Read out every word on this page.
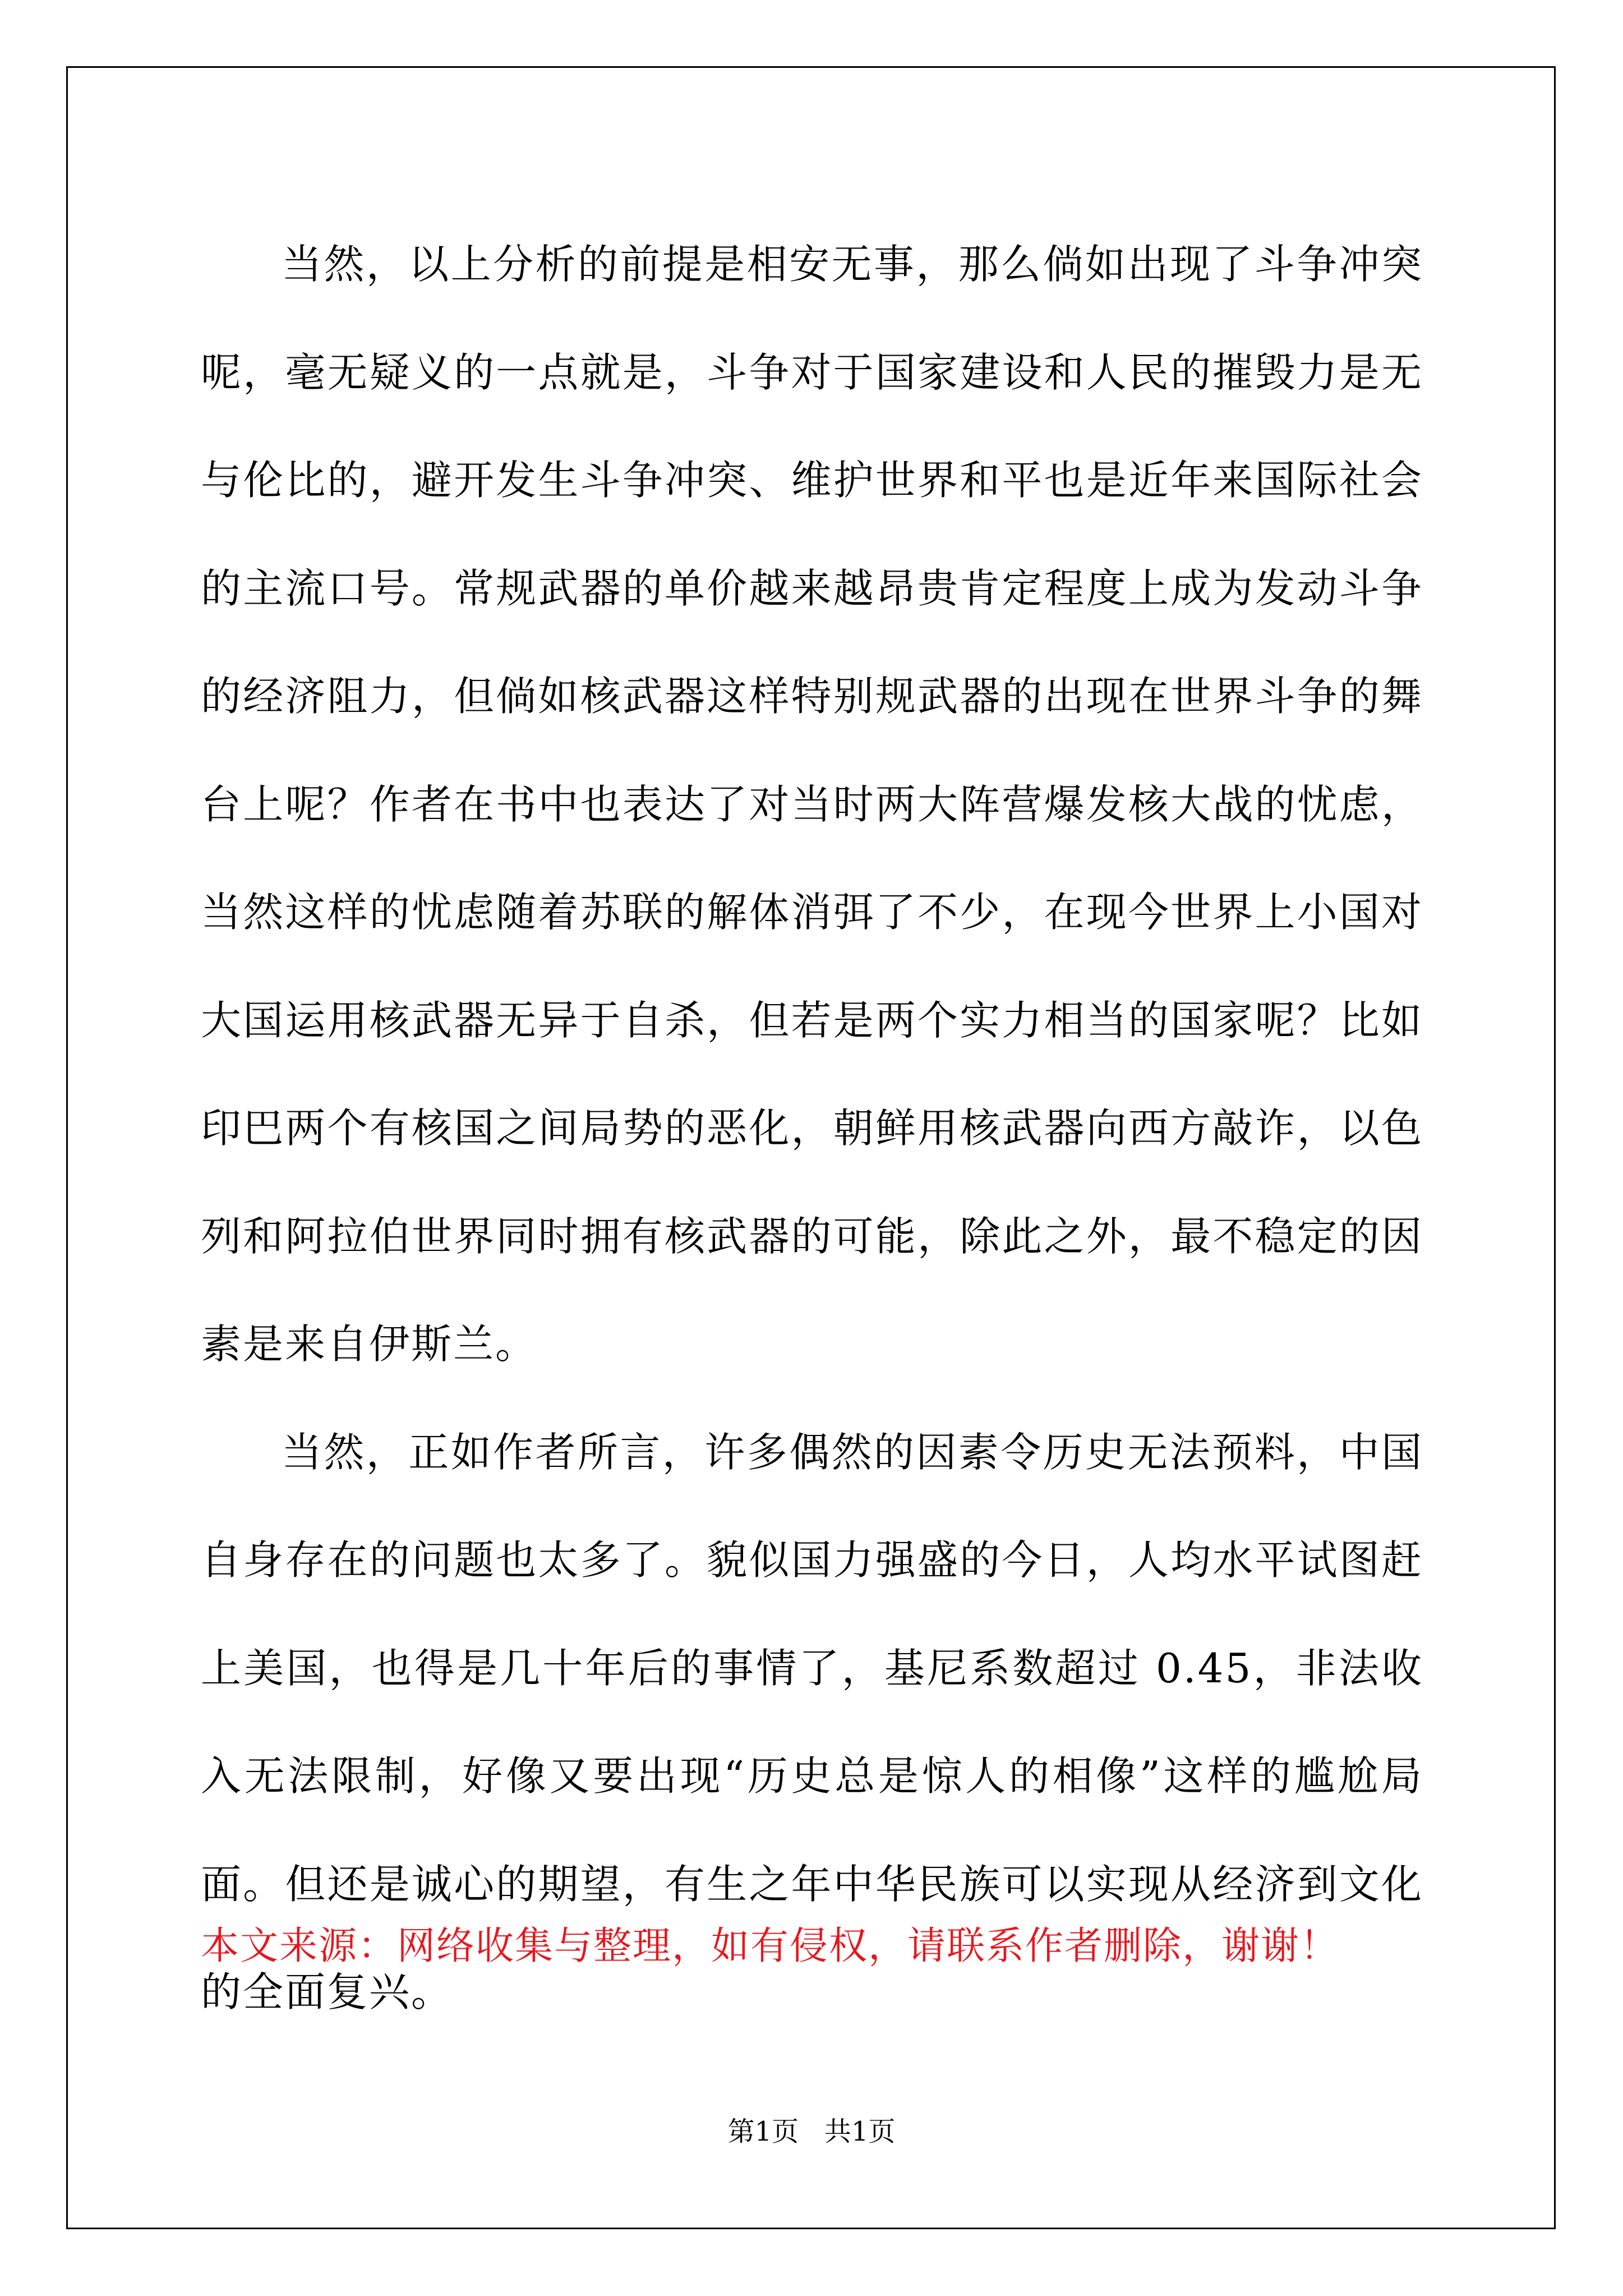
当然，以上分析的前提是相安无事，那么倘如出现了斗争冲突呢，毫无疑义的一点就是，斗争对于国家建设和人民的摧毁力是无与伦比的，避开发生斗争冲突、维护世界和平也是近年来国际社会的主流口号。常规武器的单价越来越昂贵肯定程度上成为发动斗争的经济阻力，但倘如核武器这样特别规武器的出现在世界斗争的舞台上呢？作者在书中也表达了对当时两大阵营爆发核大战的忧虑，当然这样的忧虑随着苏联的解体消弭了不少，在现今世界上小国对大国运用核武器无异于自杀，但若是两个实力相当的国家呢？比如印巴两个有核国之间局势的恶化，朝鲜用核武器向西方敲诈，以色列和阿拉伯世界同时拥有核武器的可能，除此之外，最不稳定的因素是来自伊斯兰。

当然，正如作者所言，许多偶然的因素令历史无法预料，中国自身存在的问题也太多了。貌似国力强盛的今日，人均水平试图赶上美国，也得是几十年后的事情了，基尼系数超过 0.45，非法收入无法限制，好像又要出现“历史总是惊人的相像”这样的尴尬局面。但还是诚心的期望，有生之年中华民族可以实现从经济到文化的全面复兴。

本文来源：网络收集与整理，如有侵权，请联系作者删除，谢谢！
第1页   共1页
